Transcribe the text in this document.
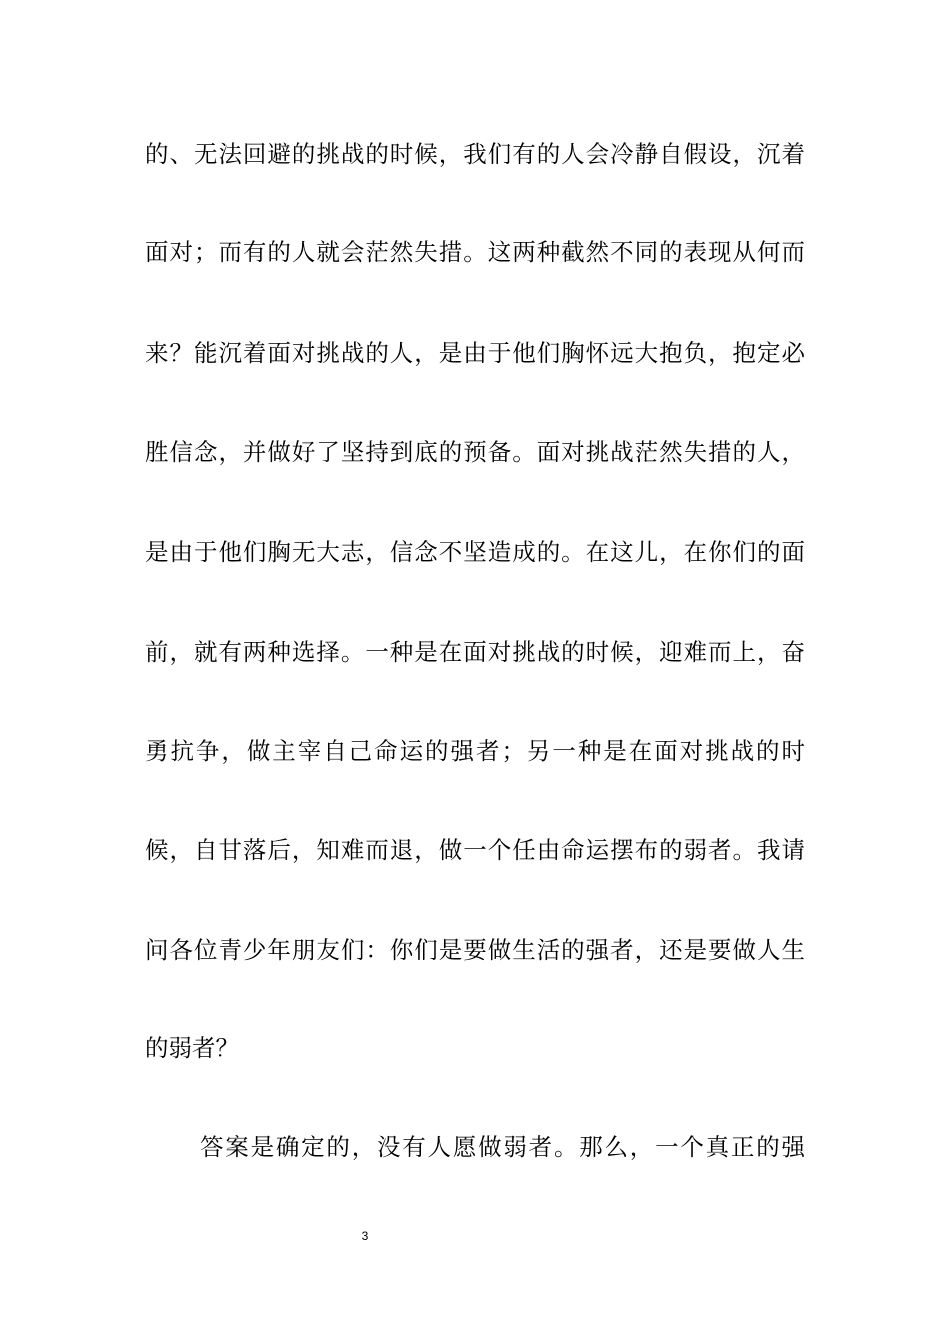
的、无法回避的挑战的时候，我们有的人会冷静自假设，沉着
面对；而有的人就会茫然失措。这两种截然不同的表现从何而
来？能沉着面对挑战的人，是由于他们胸怀远大抱负，抱定必
胜信念，并做好了坚持到底的预备。面对挑战茫然失措的人，
是由于他们胸无大志，信念不坚造成的。在这儿，在你们的面
前，就有两种选择。一种是在面对挑战的时候，迎难而上，奋
勇抗争，做主宰自己命运的强者；另一种是在面对挑战的时
候，自甘落后，知难而退，做一个任由命运摆布的弱者。我请
问各位青少年朋友们：你们是要做生活的强者，还是要做人生
的弱者？
答案是确定的，没有人愿做弱者。那么，一个真正的强
3
